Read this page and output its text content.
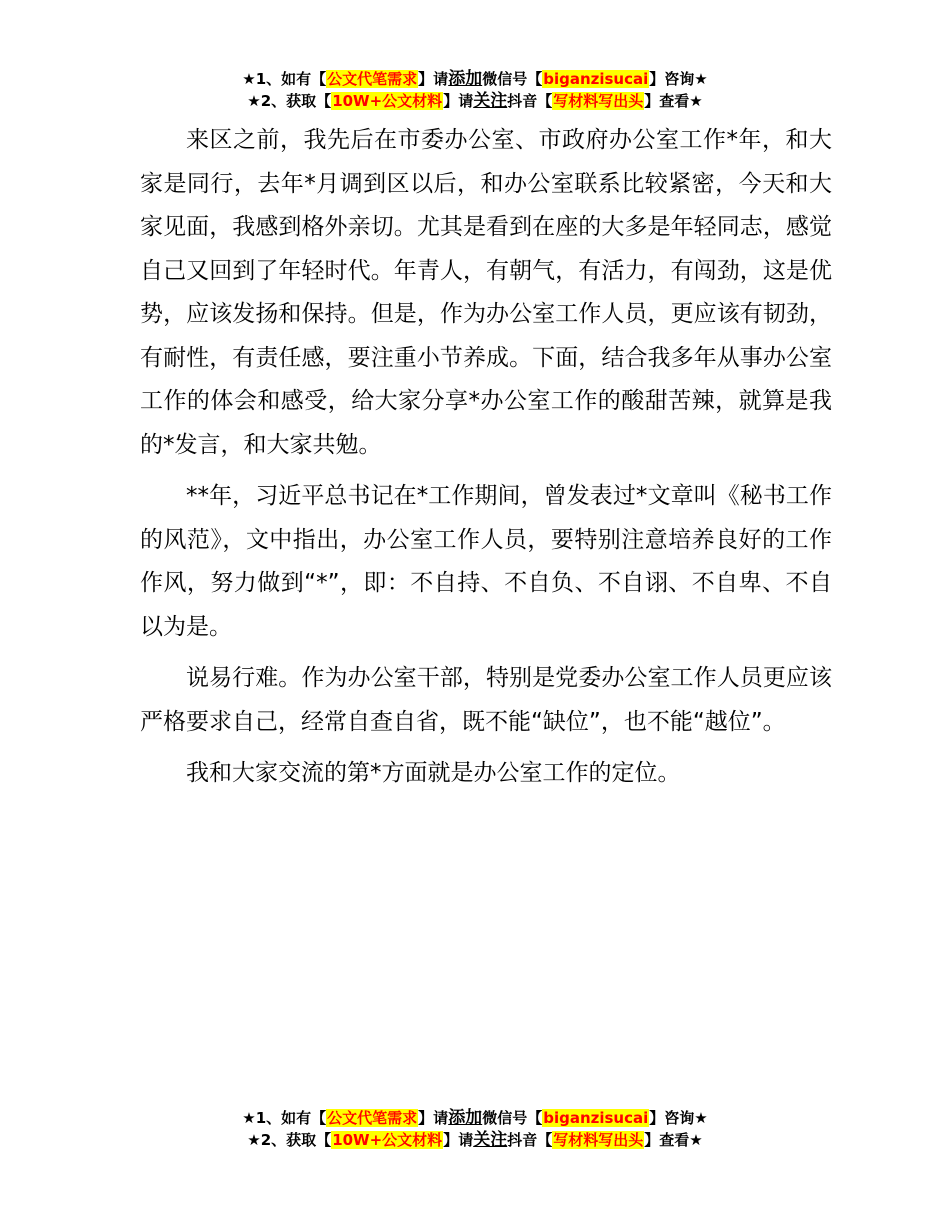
★1、如有【公文代笔需求】请添加微信号【biganzisucai】咨询★
★2、获取【10W+公文材料】请关注抖音【写材料写出头】查看★

来区之前，我先后在市委办公室、市政府办公室工作*年，和大家是同行，去年*月调到区以后，和办公室联系比较紧密，今天和大家见面，我感到格外亲切。尤其是看到在座的大多是年轻同志，感觉自己又回到了年轻时代。年青人，有朝气，有活力，有闯劲，这是优势，应该发扬和保持。但是，作为办公室工作人员，更应该有韧劲，有耐性，有责任感，要注重小节养成。下面，结合我多年从事办公室工作的体会和感受，给大家分享*办公室工作的酸甜苦辣，就算是我的*发言，和大家共勉。

**年，习近平总书记在*工作期间，曾发表过*文章叫《秘书工作的风范》，文中指出，办公室工作人员，要特别注意培养良好的工作作风，努力做到“*”，即：不自持、不自负、不自诩、不自卑、不自以为是。

说易行难。作为办公室干部，特别是党委办公室工作人员更应该严格要求自己，经常自查自省，既不能“缺位”，也不能“越位”。

我和大家交流的第*方面就是办公室工作的定位。

★1、如有【公文代笔需求】请添加微信号【biganzisucai】咨询★
★2、获取【10W+公文材料】请关注抖音【写材料写出头】查看★
